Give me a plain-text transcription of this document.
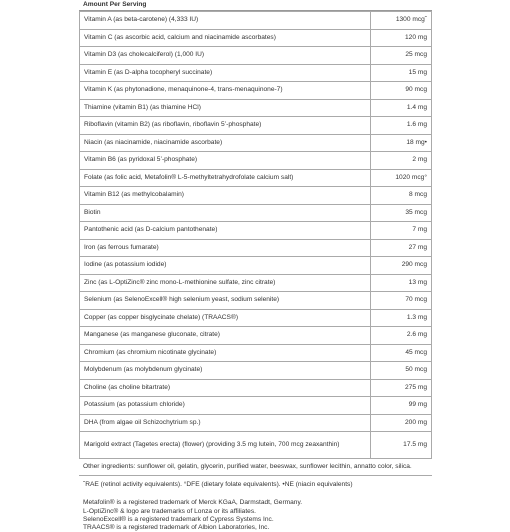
Amount Per Serving
Vitamin A (as beta-carotene) (4,333 IU)	1300 mcgˆ
Vitamin C (as ascorbic acid, calcium and niacinamide ascorbates)	120 mg
Vitamin D3 (as cholecalciferol) (1,000 IU)	25 mcg
Vitamin E (as D-alpha tocopheryl succinate)	15 mg
Vitamin K (as phytonadione, menaquinone-4, trans-menaquinone-7)	90 mcg
Thiamine (vitamin B1) (as thiamine HCl)	1.4 mg
Riboflavin (vitamin B2) (as riboflavin, riboflavin 5’-phosphate)	1.6 mg
Niacin (as niacinamide, niacinamide ascorbate)	18 mg•
Vitamin B6 (as pyridoxal 5’-phosphate)	2 mg
Folate (as folic acid, Metafolin® L-5-methyltetrahydrofolate calcium salt)	1020 mcg°
Vitamin B12 (as methylcobalamin)	8 mcg
Biotin	35 mcg
Pantothenic acid (as D-calcium pantothenate)	7 mg
Iron (as ferrous fumarate)	27 mg
Iodine (as potassium iodide)	290 mcg
Zinc (as L-OptiZinc® zinc mono-L-methionine sulfate, zinc citrate)	13 mg
Selenium (as SelenoExcell® high selenium yeast, sodium selenite)	70 mcg
Copper (as copper bisglycinate chelate) (TRAACS®)	1.3 mg
Manganese (as manganese gluconate, citrate)	2.6 mg
Chromium (as chromium nicotinate glycinate)	45 mcg
Molybdenum (as molybdenum glycinate)	50 mcg
Choline (as choline bitartrate)	275 mg
Potassium (as potassium chloride)	99 mg
DHA (from algae oil Schizochytrium sp.)	200 mg
Marigold extract (Tagetes erecta) (flower) (providing 3.5 mg lutein, 700 mcg zeaxanthin)	17.5 mg
Other ingredients: sunflower oil, gelatin, glycerin, purified water, beeswax, sunflower lecithin, annatto color, silica.
ˆRAE (retinol activity equivalents). °DFE (dietary folate equivalents). •NE (niacin equivalents)

Metafolin® is a registered trademark of Merck KGaA, Darmstadt, Germany.

L-OptiZinc® & logo are trademarks of Lonza or its affiliates.

SelenoExcell® is a registered trademark of Cypress Systems Inc.

TRAACS® is a registered trademark of Albion Laboratories, Inc.
